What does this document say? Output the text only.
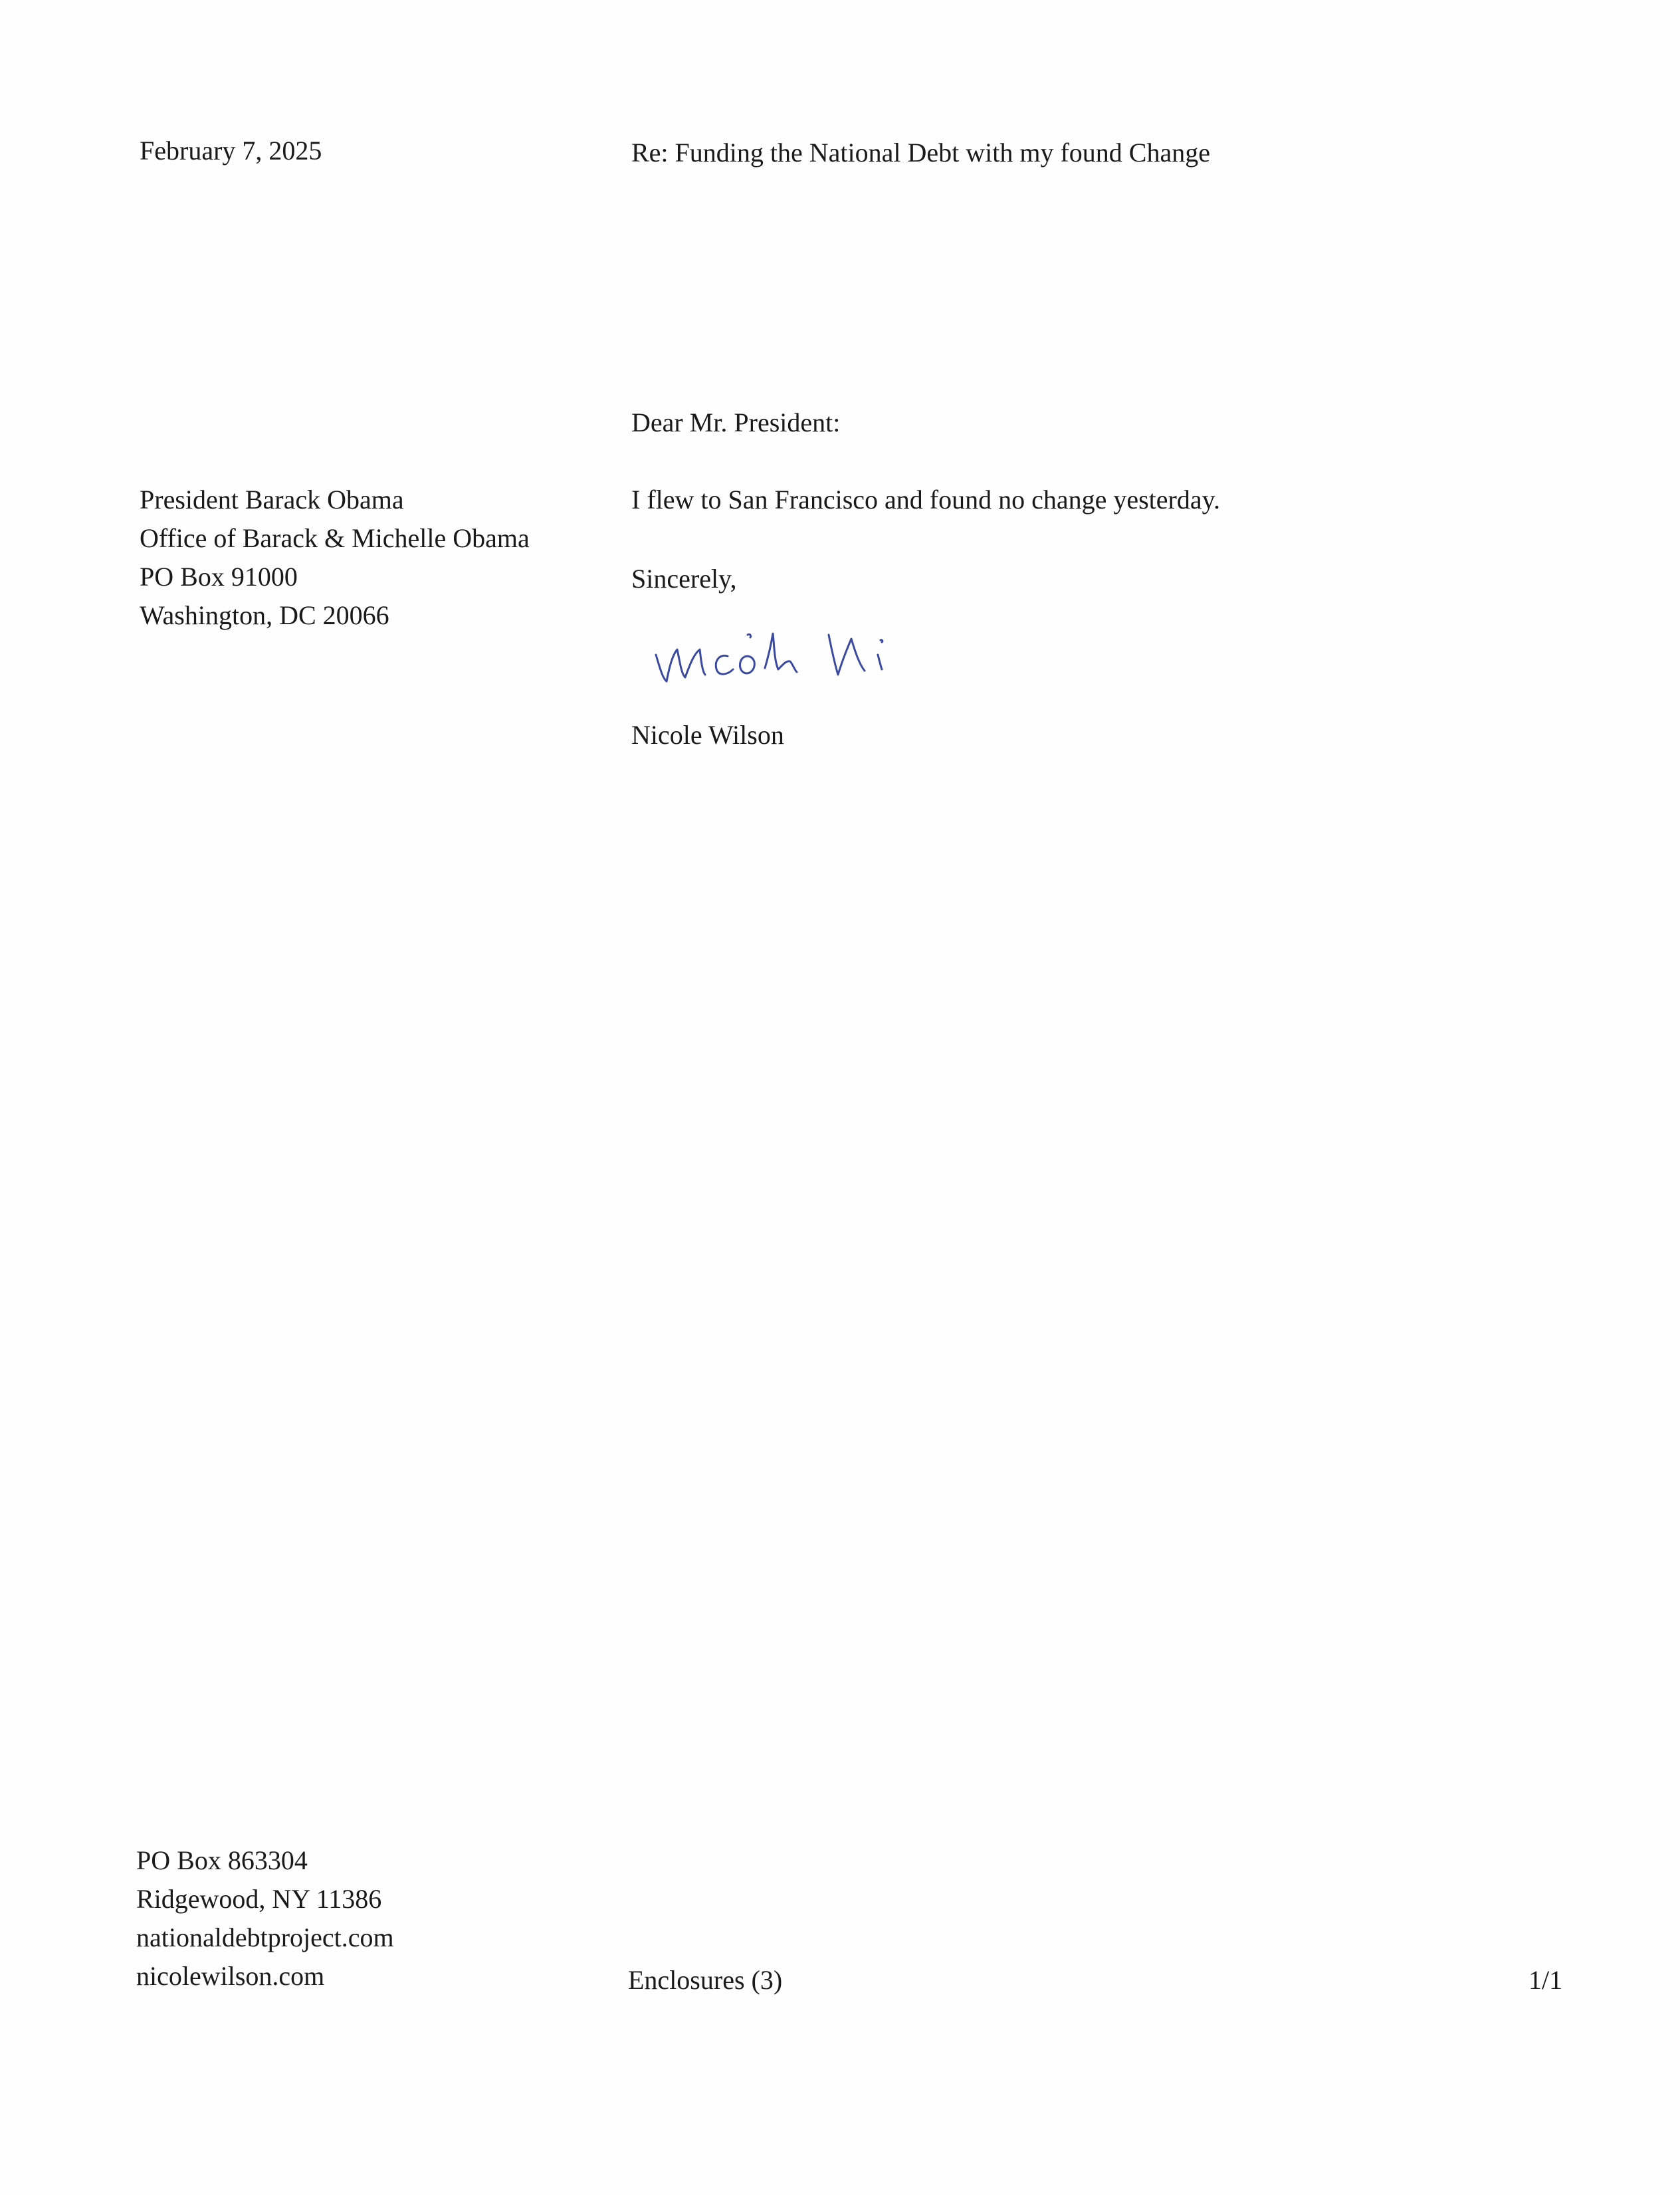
February 7, 2025	Re: Funding the National Debt with my found Change

President Barack Obama
Office of Barack & Michelle Obama
PO Box 91000
Washington, DC 20066

Dear Mr. President:

I flew to San Francisco and found no change yesterday.

Sincerely,

Nicole Wilson

PO Box 863304
Ridgewood, NY 11386
nationaldebtproject.com
nicolewilson.com	Enclosures (3)	1/1
